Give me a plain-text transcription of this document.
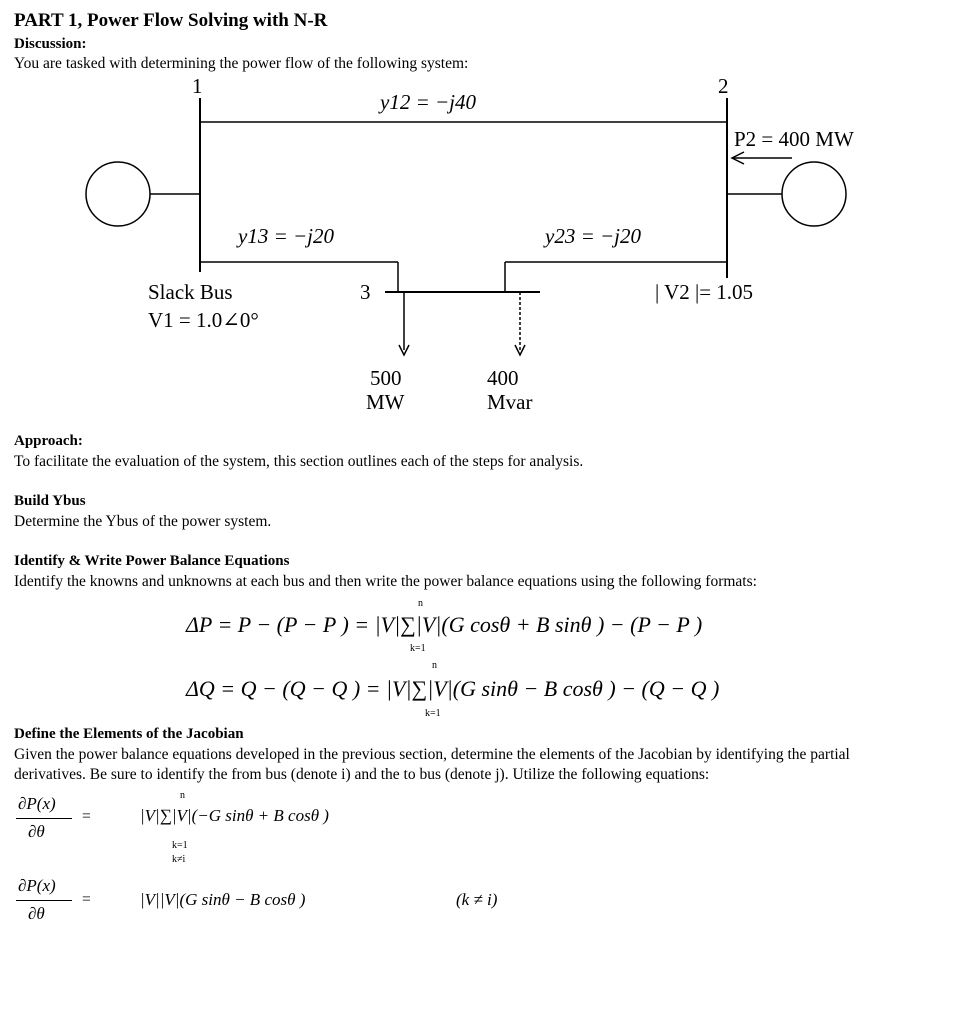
PART 1, Power Flow Solving with N-R
Discussion:
You are tasked with determining the power flow of the following system:
1	2
y12 = −j40
P2 = 400 MW
y13 = −j20	y23 = −j20
Slack Bus
V1 = 1.0∠0°
3	| V2 |= 1.05
500
MW
400
Mvar
Approach:
To facilitate the evaluation of the system, this section outlines each of the steps for analysis.
Build Ybus
Determine the Ybus of the power system.
Identify & Write Power Balance Equations
Identify the knowns and unknowns at each bus and then write the power balance equations using the following formats:
n
ΔP = P − (P − P ) = |V|∑|V|(G cosθ + B sinθ ) − (P − P )
k=1
n
ΔQ = Q − (Q − Q ) = |V|∑|V|(G sinθ − B cosθ ) − (Q − Q )
k=1
Define the Elements of the Jacobian
Given the power balance equations developed in the previous section, determine the elements of the Jacobian by identifying the partial
derivatives. Be sure to identify the from bus (denote i) and the to bus (denote j). Utilize the following equations:
∂P(x)
∂θ
=
n
|V|∑|V|(−G sinθ + B cosθ )
k=1
k≠i
∂P(x)
∂θ
=	|V||V|(G sinθ − B cosθ )	(k ≠ i)
